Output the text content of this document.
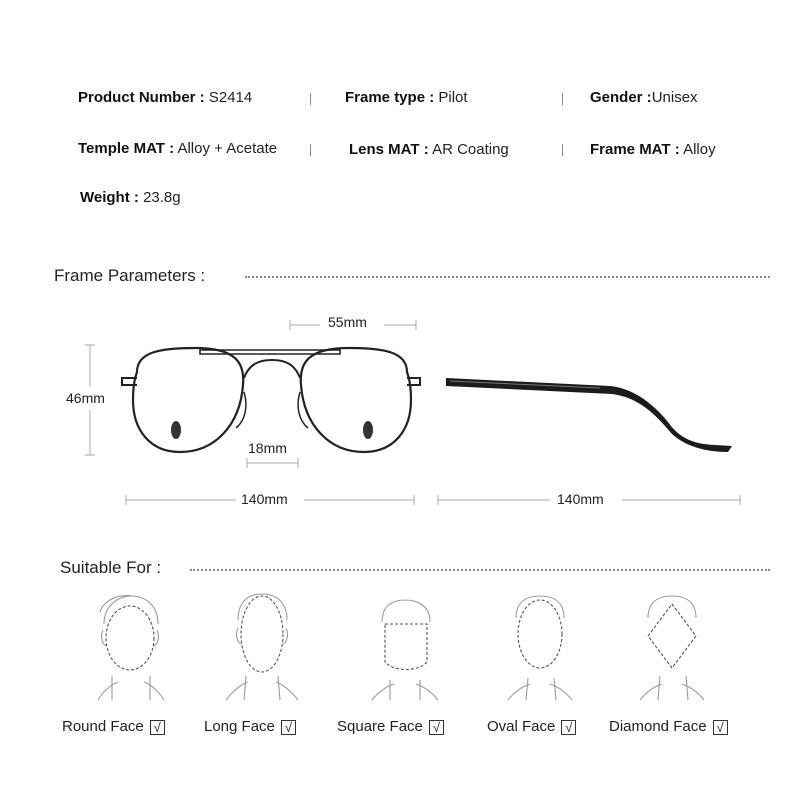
Product Number : S2414	Frame type : Pilot	Gender :Unisex
Temple MAT : Alloy + Acetate	Lens MAT : AR Coating	Frame MAT : Alloy
Weight : 23.8g
Frame Parameters :
55mm
46mm
18mm
140mm	140mm
Suitable For :
Round Face √	Long Face √	Square Face √	Oval Face √ Diamond Face √
